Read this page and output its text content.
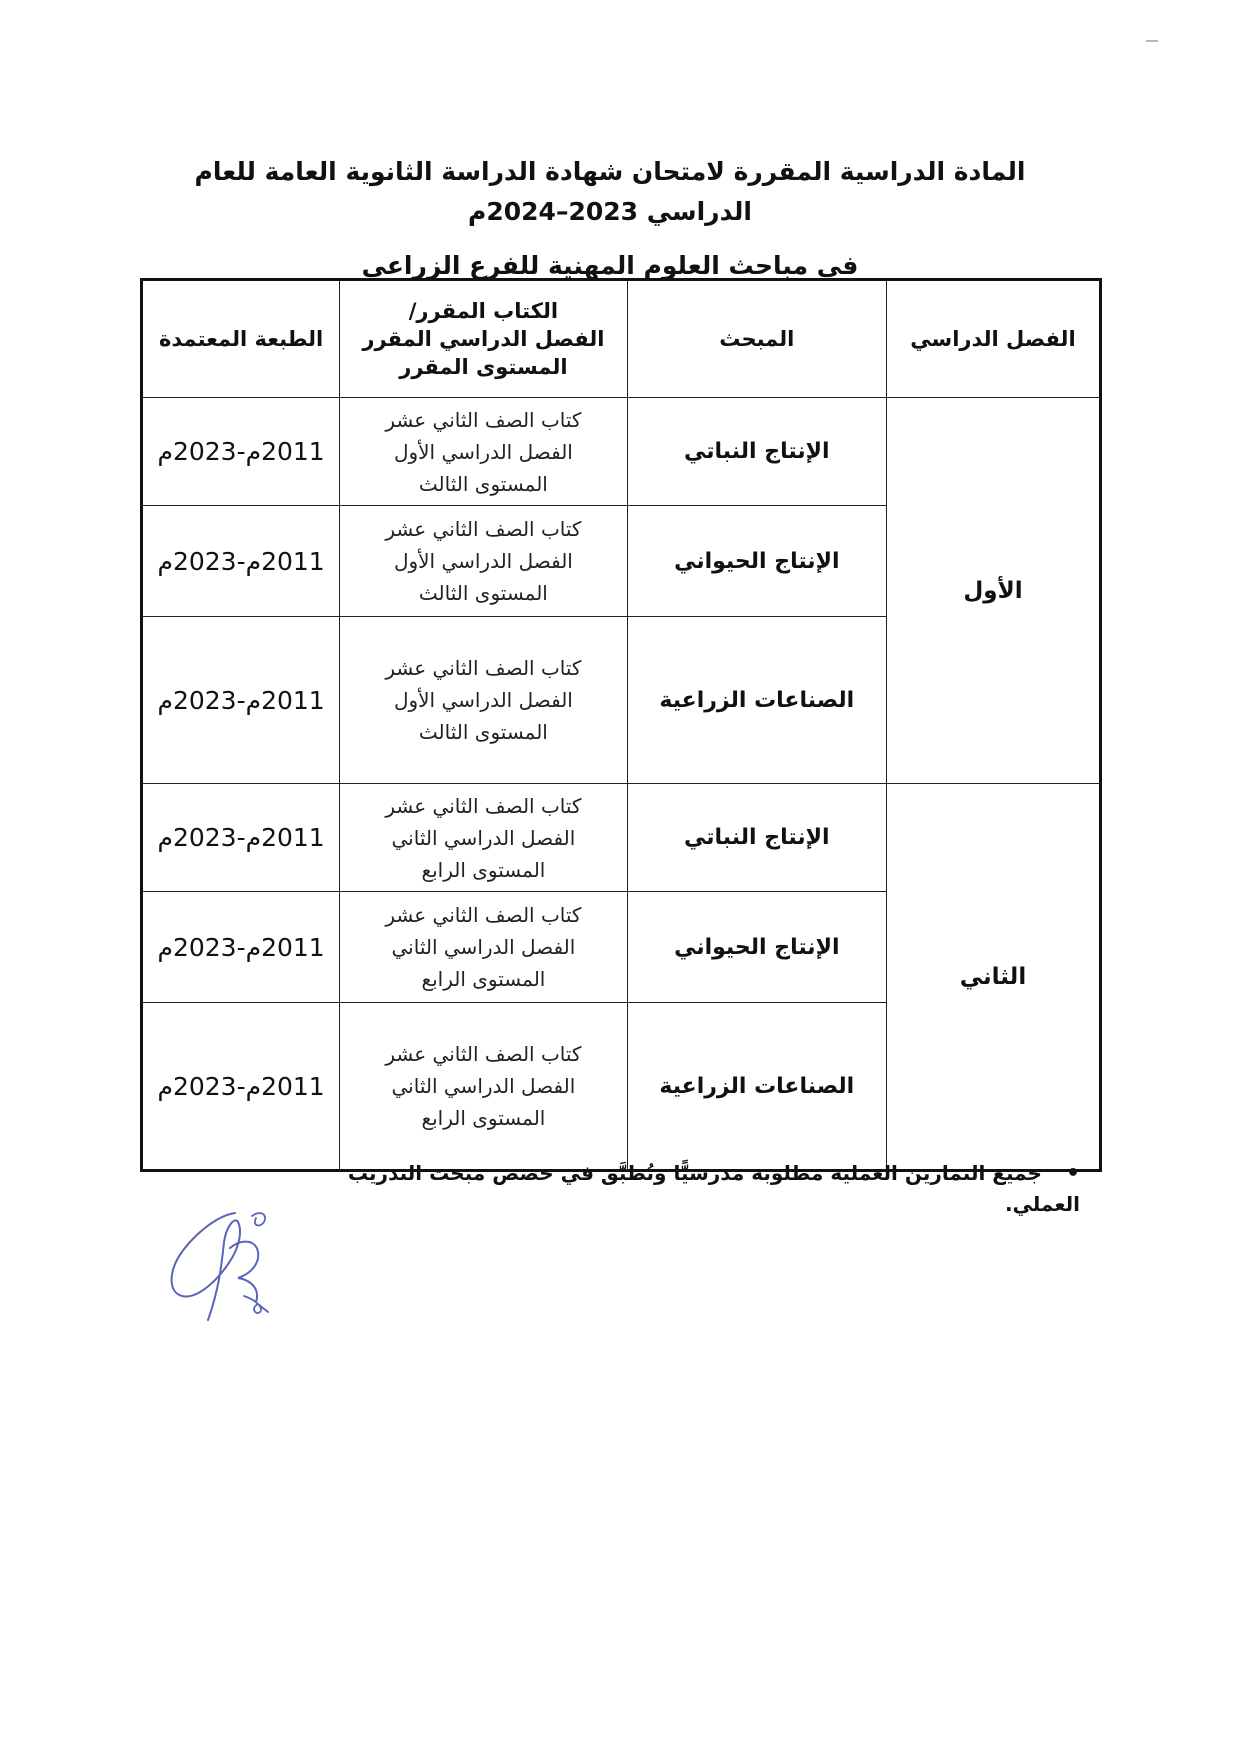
المادة الدراسية المقررة لامتحان شهادة الدراسة الثانوية العامة للعام الدراسي 2023–2024م
في مباحث العلوم المهنية للفرع الزراعي
الفصل الدراسي	المبحث	الكتاب المقرر/
الفصل الدراسي المقرر
المستوى المقرر	الطبعة المعتمدة
الأول	الإنتاج النباتي	كتاب الصف الثاني عشر
الفصل الدراسي الأول
المستوى الثالث	2011م-2023م
	الإنتاج الحيواني	كتاب الصف الثاني عشر
الفصل الدراسي الأول
المستوى الثالث	2011م-2023م
	الصناعات الزراعية	كتاب الصف الثاني عشر
الفصل الدراسي الأول
المستوى الثالث	2011م-2023م
الثاني	الإنتاج النباتي	كتاب الصف الثاني عشر
الفصل الدراسي الثاني
المستوى الرابع	2011م-2023م
	الإنتاج الحيواني	كتاب الصف الثاني عشر
الفصل الدراسي الثاني
المستوى الرابع	2011م-2023م
	الصناعات الزراعية	كتاب الصف الثاني عشر
الفصل الدراسي الثاني
المستوى الرابع	2011م-2023م
•جميع التمارين العملية مطلوبة مدرسيًّا وتُطبَّق في حصص مبحث التدريب العملي.
